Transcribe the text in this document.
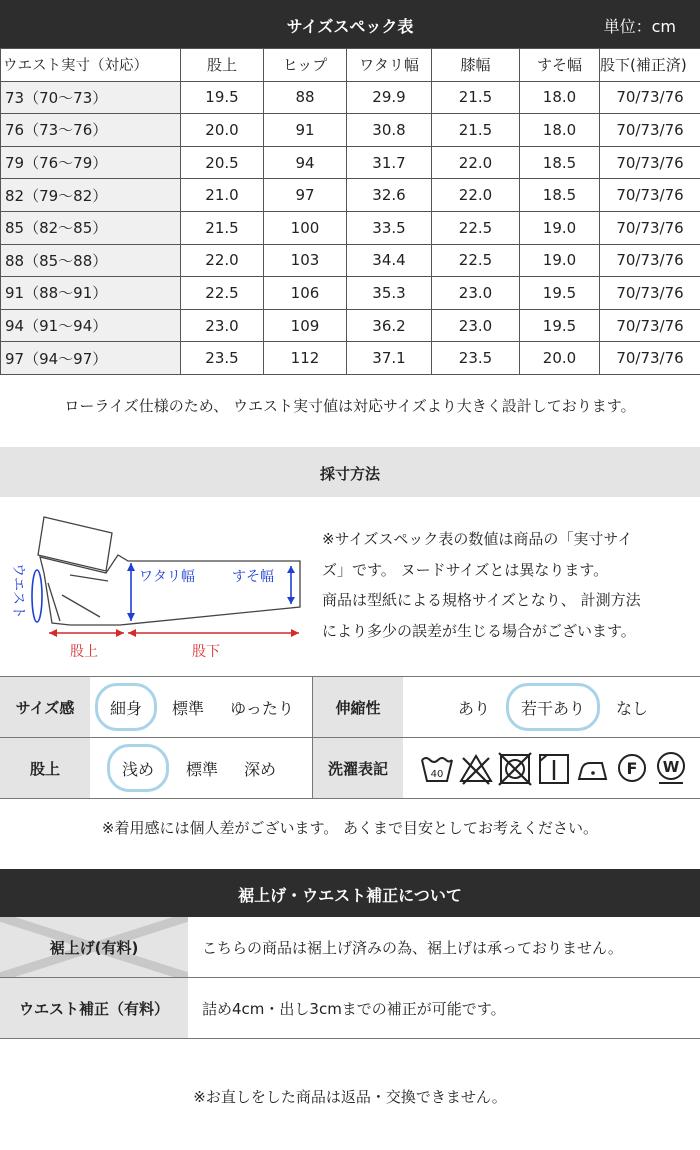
サイズスペック表	単位：cm
ウエスト実寸（対応）	股上	ヒップ	ワタリ幅	膝幅	すそ幅	股下(補正済)
73（70〜73）	19.5	88	29.9	21.5	18.0	70/73/76
76（73〜76）	20.0	91	30.8	21.5	18.0	70/73/76
79（76〜79）	20.5	94	31.7	22.0	18.5	70/73/76
82（79〜82）	21.0	97	32.6	22.0	18.5	70/73/76
85（82〜85）	21.5	100	33.5	22.5	19.0	70/73/76
88（85〜88）	22.0	103	34.4	22.5	19.0	70/73/76
91（88〜91）	22.5	106	35.3	23.0	19.5	70/73/76
94（91〜94）	23.0	109	36.2	23.0	19.5	70/73/76
97（94〜97）	23.5	112	37.1	23.5	20.0	70/73/76
ローライズ仕様のため、 ウエスト実寸値は対応サイズより大きく設計しております。
採寸方法
ウエスト	ワタリ幅	すそ幅
股上	股下
※サイズスペック表の数値は商品の「実寸サイ
ズ」です。 ヌードサイズとは異なります。
商品は型紙による規格サイズとなり、 計測方法
により多少の誤差が生じる場合がございます。
サイズ感	細身	標準	ゆったり	伸縮性	あり	若干あり	なし
股上	浅め	標準	深め	洗濯表記	40	F W
※着用感には個人差がございます。 あくまで目安としてお考えください。
裾上げ・ウエスト補正について
裾上げ(有料)	こちらの商品は裾上げ済みの為、裾上げは承っておりません。
ウエスト補正（有料）	詰め4cm・出し3cmまでの補正が可能です。
※お直しをした商品は返品・交換できません。
